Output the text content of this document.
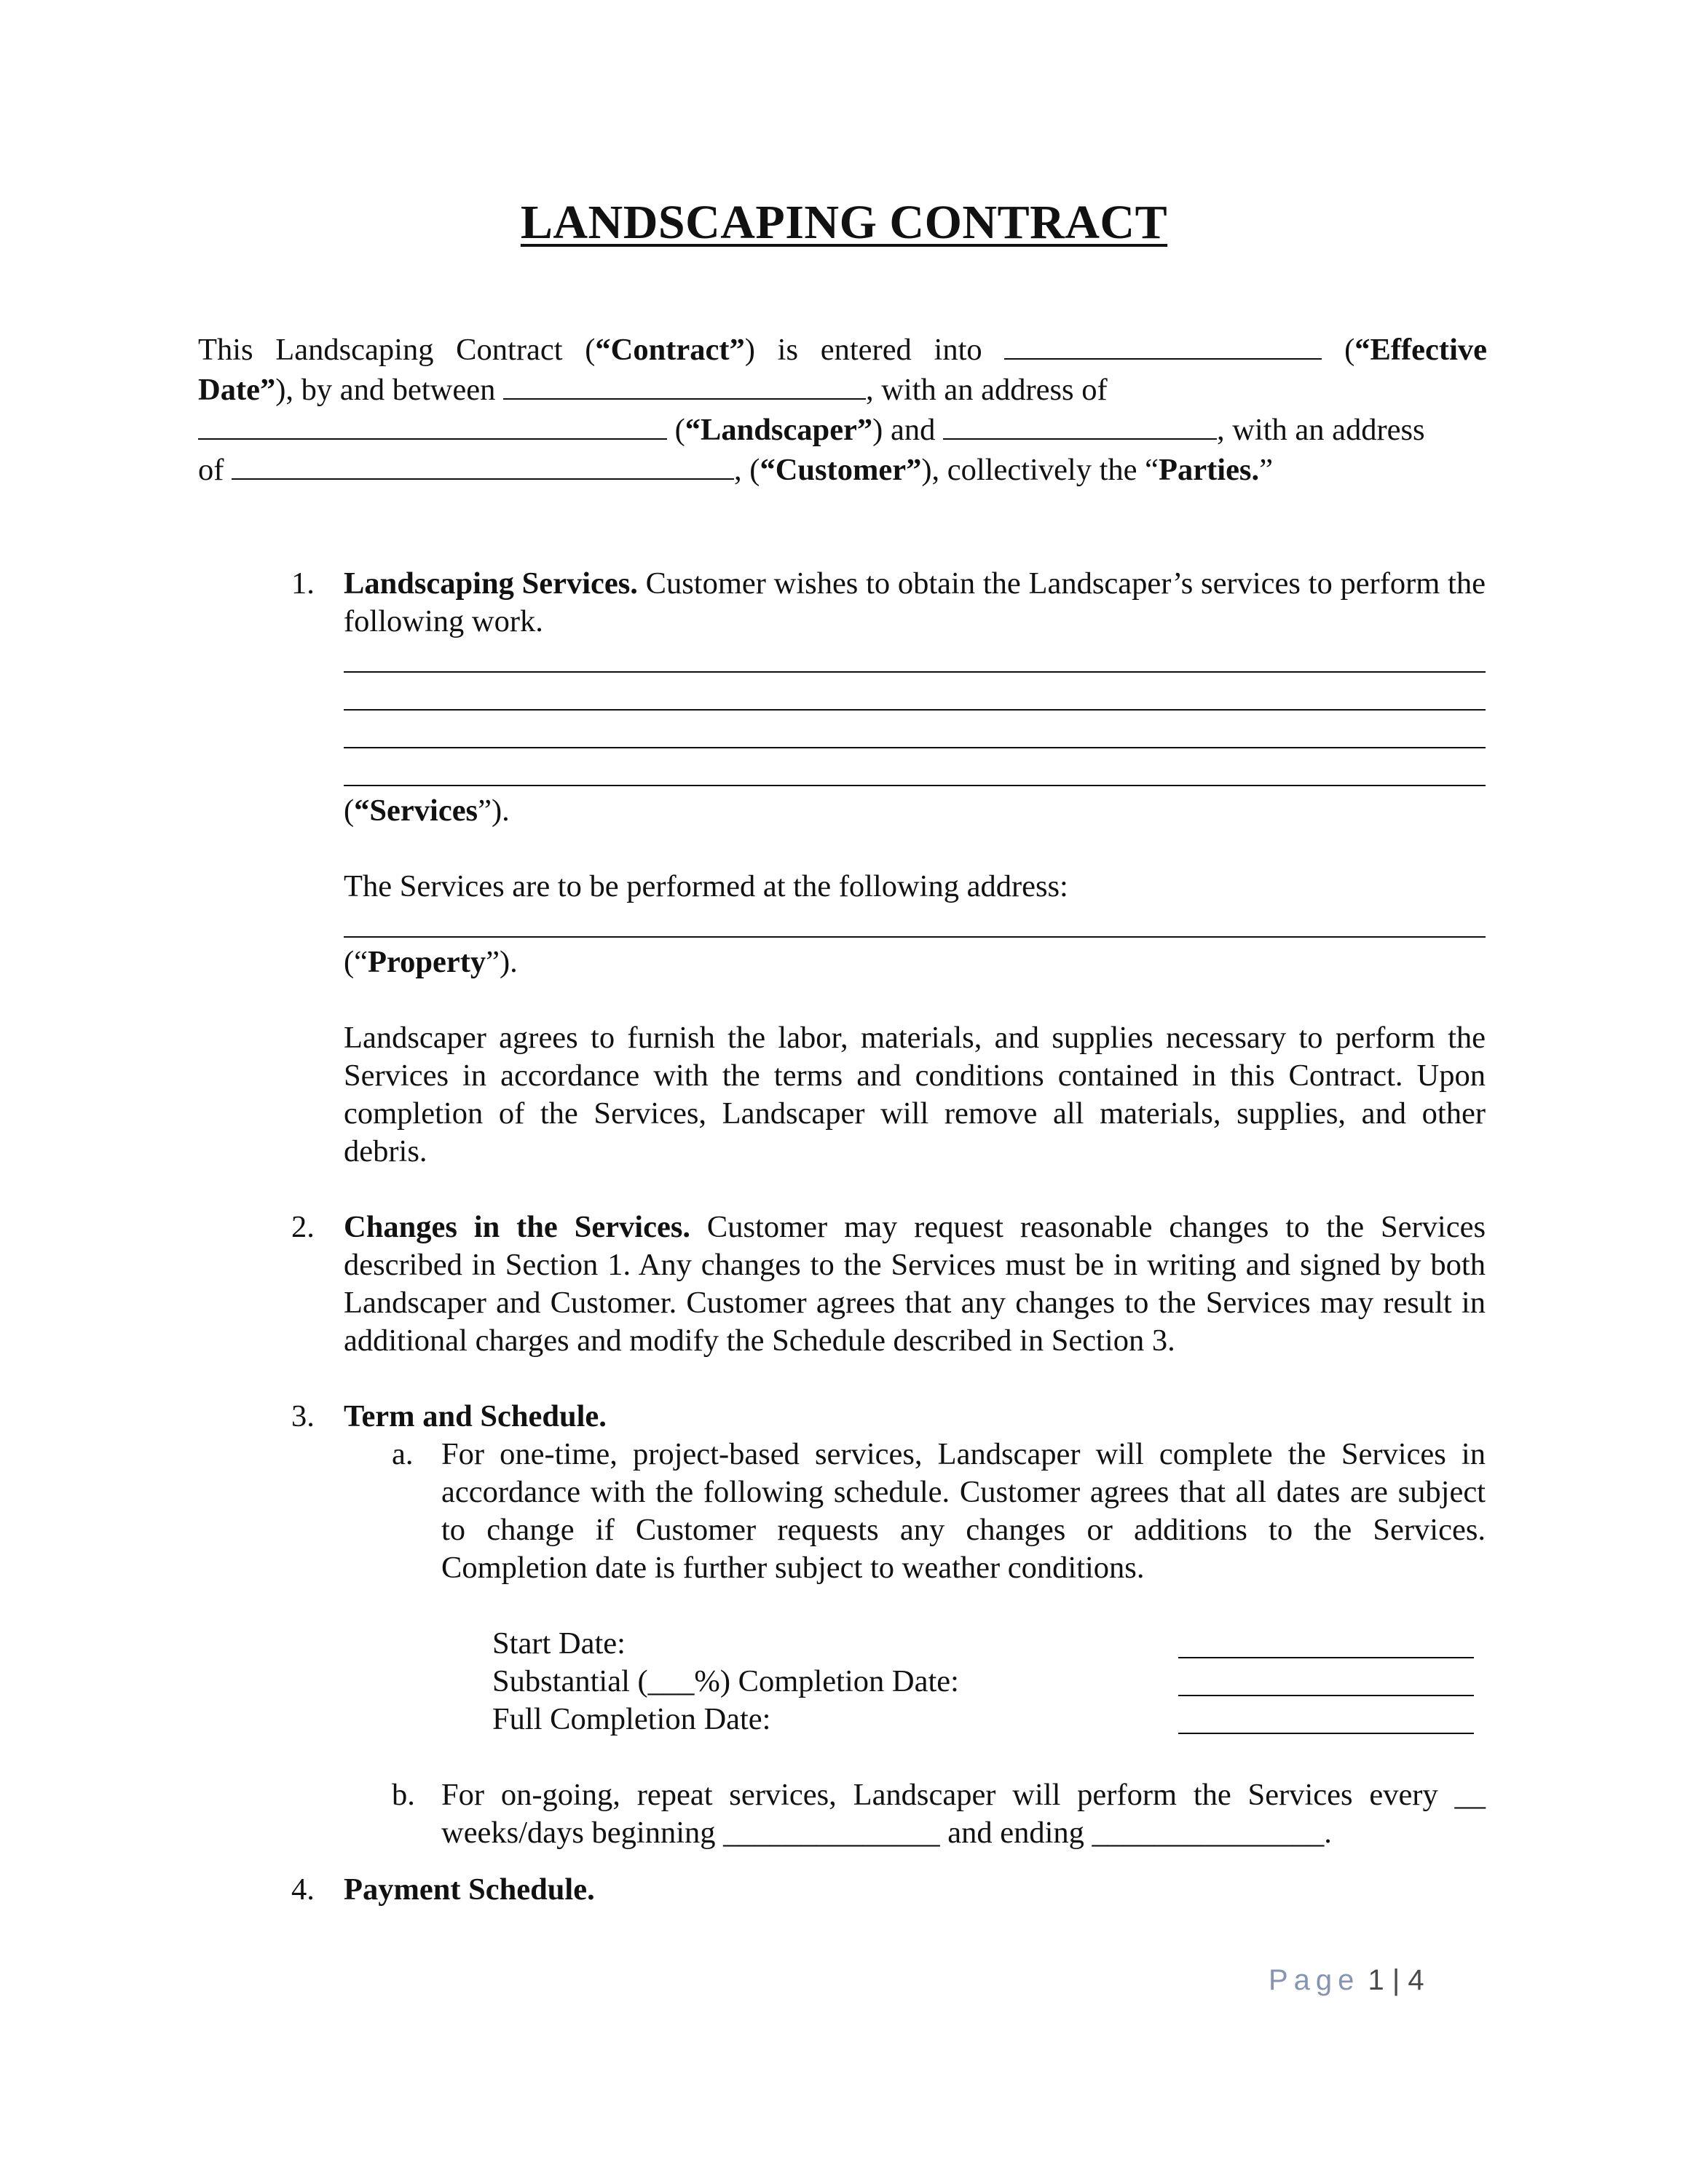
LANDSCAPING CONTRACT
This Landscaping Contract (“Contract”) is entered into	(“Effective
Date”), by and between	, with an address of
(“Landscaper”) and	, with an address
of	, (“Customer”), collectively the “Parties.”
1. Landscaping Services. Customer wishes to obtain the Landscaper’s services to perform the following work.
(“Services”).
The Services are to be performed at the following address:
(“Property”).
Landscaper agrees to furnish the labor, materials, and supplies necessary to perform the Services in accordance with the terms and conditions contained in this Contract. Upon completion of the Services, Landscaper will remove all materials, supplies, and other debris.
2. Changes in the Services. Customer may request reasonable changes to the Services described in Section 1. Any changes to the Services must be in writing and signed by both Landscaper and Customer. Customer agrees that any changes to the Services may result in additional charges and modify the Schedule described in Section 3.
3. Term and Schedule.
a. For one-time, project-based services, Landscaper will complete the Services in accordance with the following schedule. Customer agrees that all dates are subject to change if Customer requests any changes or additions to the Services. Completion date is further subject to weather conditions.
Start Date:
Substantial (___%) Completion Date:
Full Completion Date:
b. For on-going, repeat services, Landscaper will perform the Services every __
weeks/days beginning ______________ and ending _______________.
4. Payment Schedule.
Page 1 | 4
